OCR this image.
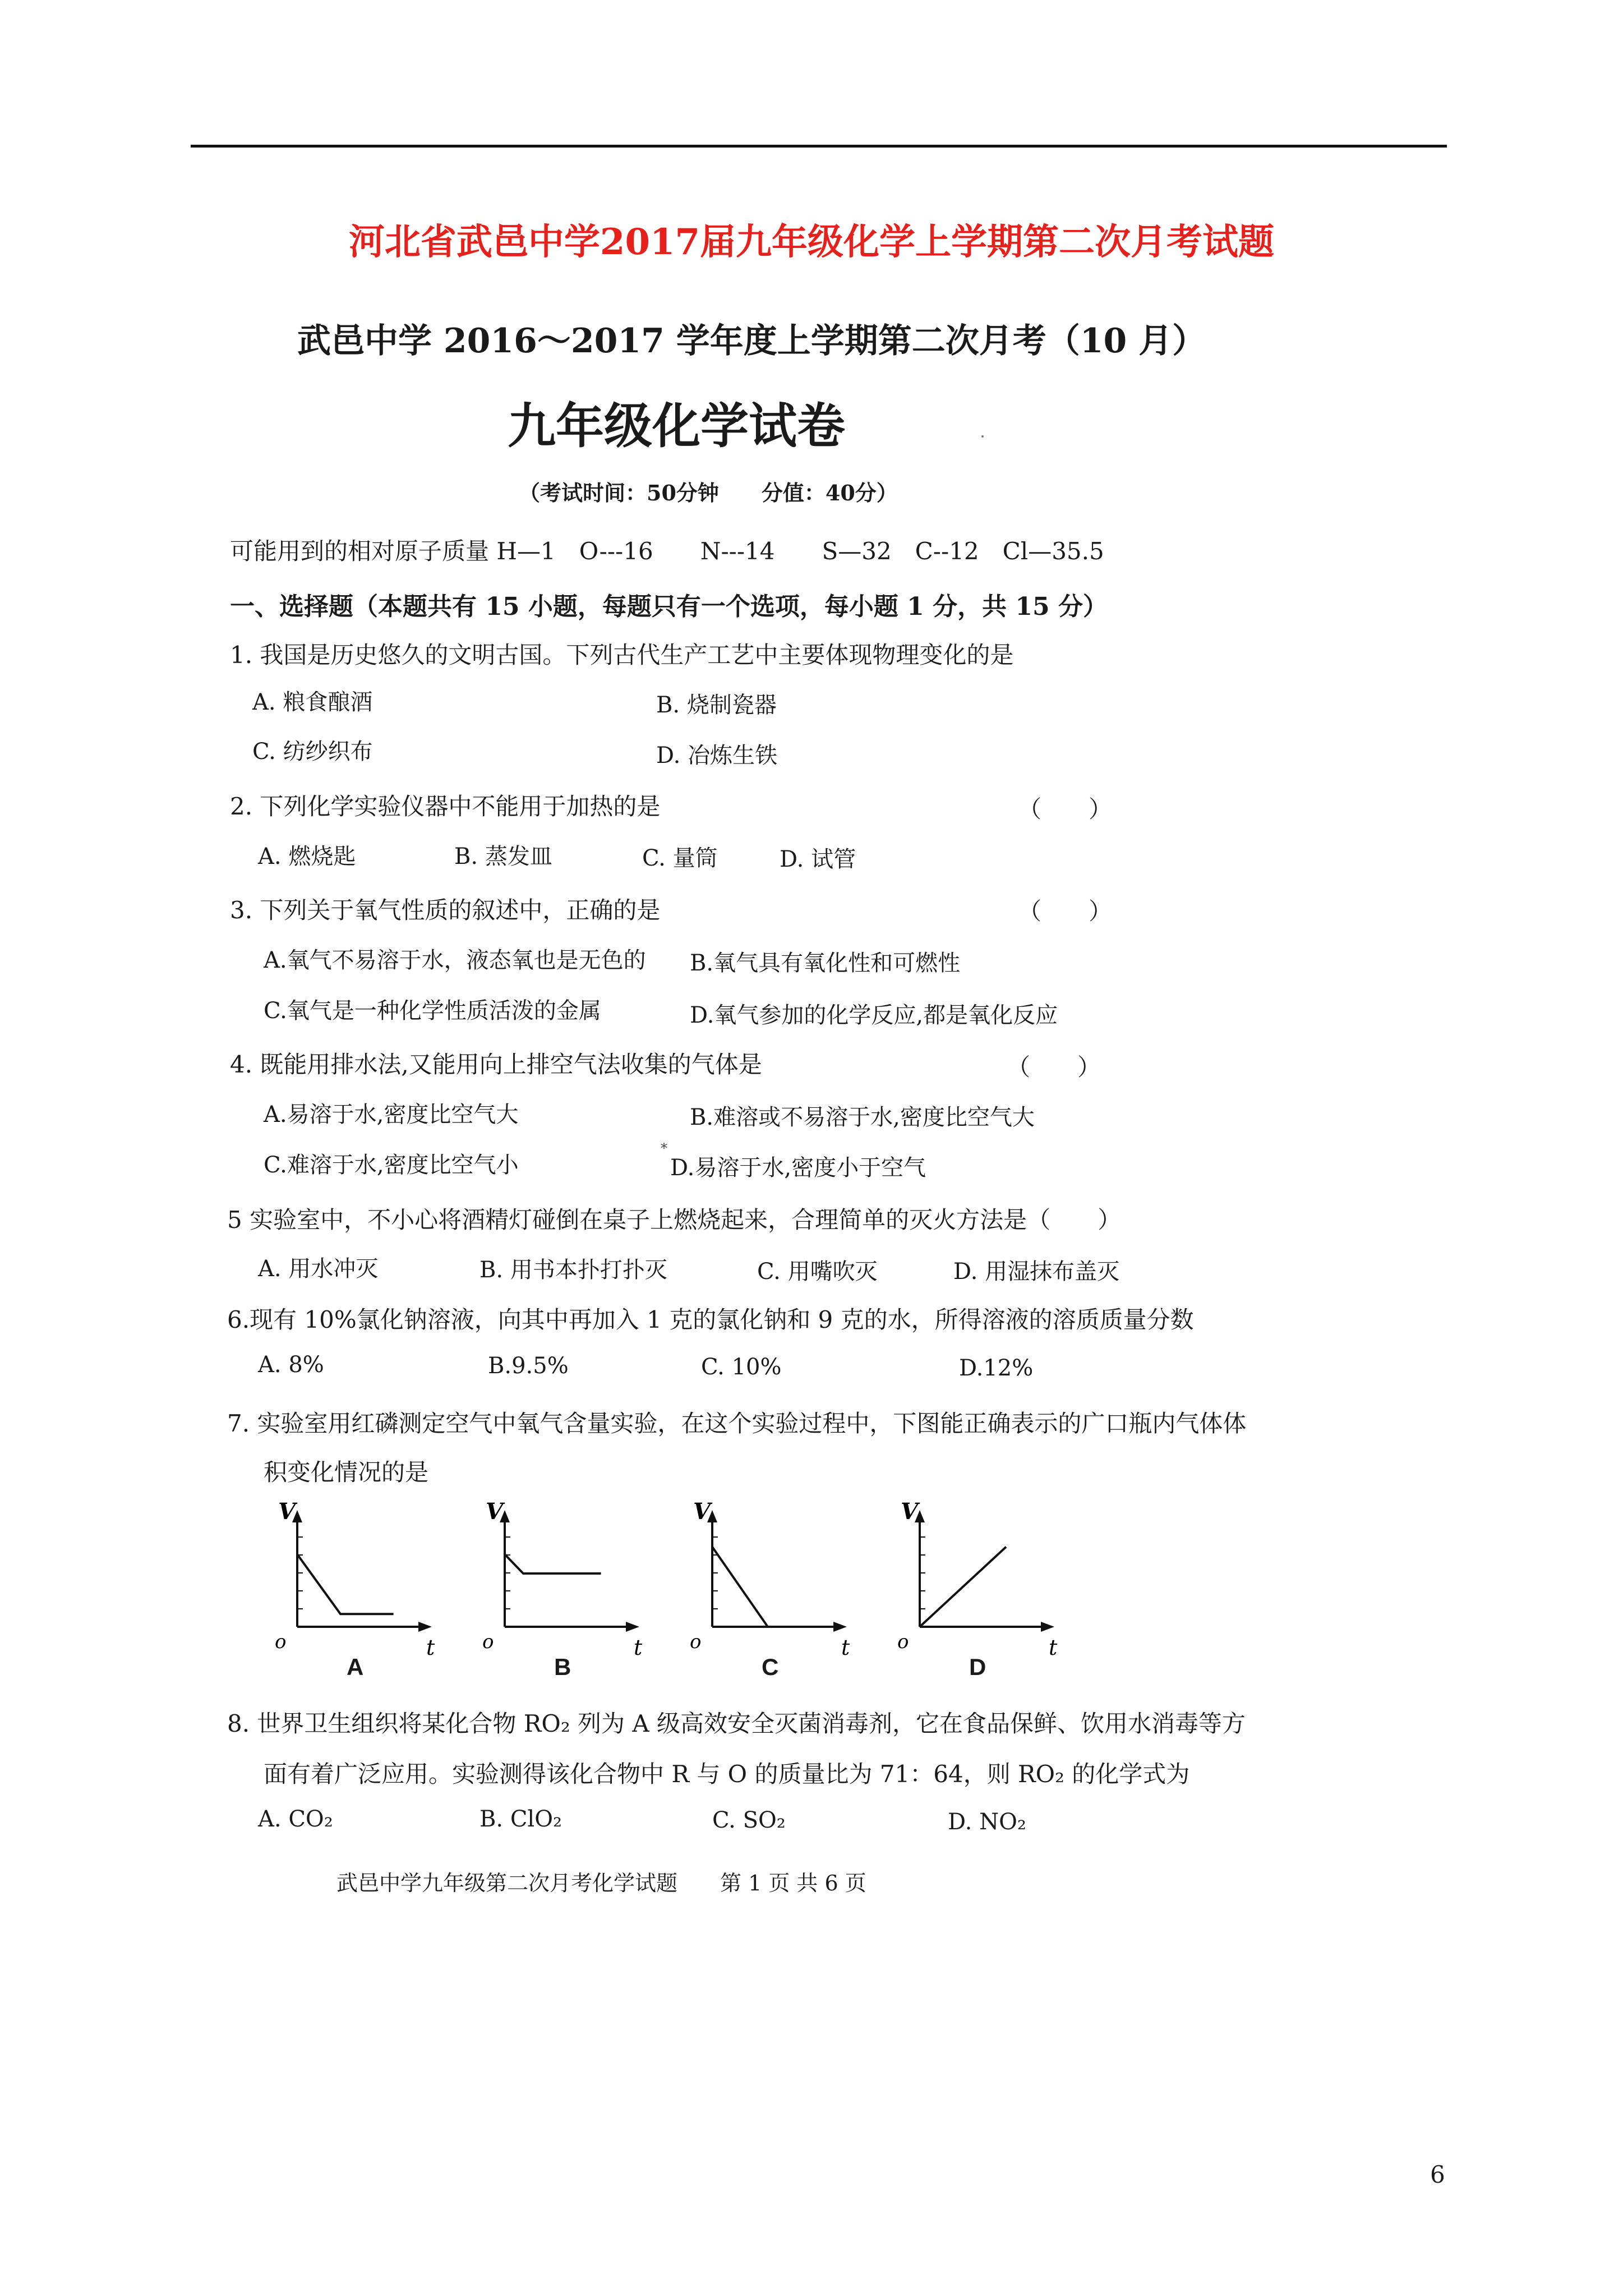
河北省武邑中学2017届九年级化学上学期第二次月考试题
武邑中学 2016～2017 学年度上学期第二次月考（10 月）
九年级化学试卷
（考试时间：50分钟　　分值：40分）
可能用到的相对原子质量 H—1　O---16　　N---14　　S—32　C--12　Cl—35.5
一、选择题（本题共有 15 小题，每题只有一个选项，每小题 1 分，共 15 分）
1. 我国是历史悠久的文明古国。下列古代生产工艺中主要体现物理变化的是
A. 粮食酿酒	B. 烧制瓷器
C. 纺纱织布	D. 冶炼生铁
2. 下列化学实验仪器中不能用于加热的是	（　　）
A. 燃烧匙	B. 蒸发皿	C. 量筒	D. 试管
3. 下列关于氧气性质的叙述中，正确的是	（　　）
A.氧气不易溶于水，液态氧也是无色的 B.氧气具有氧化性和可燃性
C.氧气是一种化学性质活泼的金属	D.氧气参加的化学反应,都是氧化反应
4. 既能用排水法,又能用向上排空气法收集的气体是	（　　）
A.易溶于水,密度比空气大	B.难溶或不易溶于水,密度比空气大
C.难溶于水,密度比空气小
*
D.易溶于水,密度小于空气
5 实验室中，不小心将酒精灯碰倒在桌子上燃烧起来，合理简单的灭火方法是（　　）
A. 用水冲灭	B. 用书本扑打扑灭	C. 用嘴吹灭	D. 用湿抹布盖灭
6.现有 10%氯化钠溶液，向其中再加入 1 克的氯化钠和 9 克的水，所得溶液的溶质质量分数
A. 8%	B.9.5%	C. 10%	D.12%
7. 实验室用红磷测定空气中氧气含量实验，在这个实验过程中，下图能正确表示的广口瓶内气体体
积变化情况的是
V
t
o
A
V
t
o
B
V
t
o
C
V
t
o
D
8. 世界卫生组织将某化合物 RO₂ 列为 A 级高效安全灭菌消毒剂，它在食品保鲜、饮用水消毒等方
面有着广泛应用。实验测得该化合物中 R 与 O 的质量比为 71：64，则 RO₂ 的化学式为
A. CO₂	B. ClO₂	C. SO₂	D. NO₂
武邑中学九年级第二次月考化学试题　　第 1 页 共 6 页
6
